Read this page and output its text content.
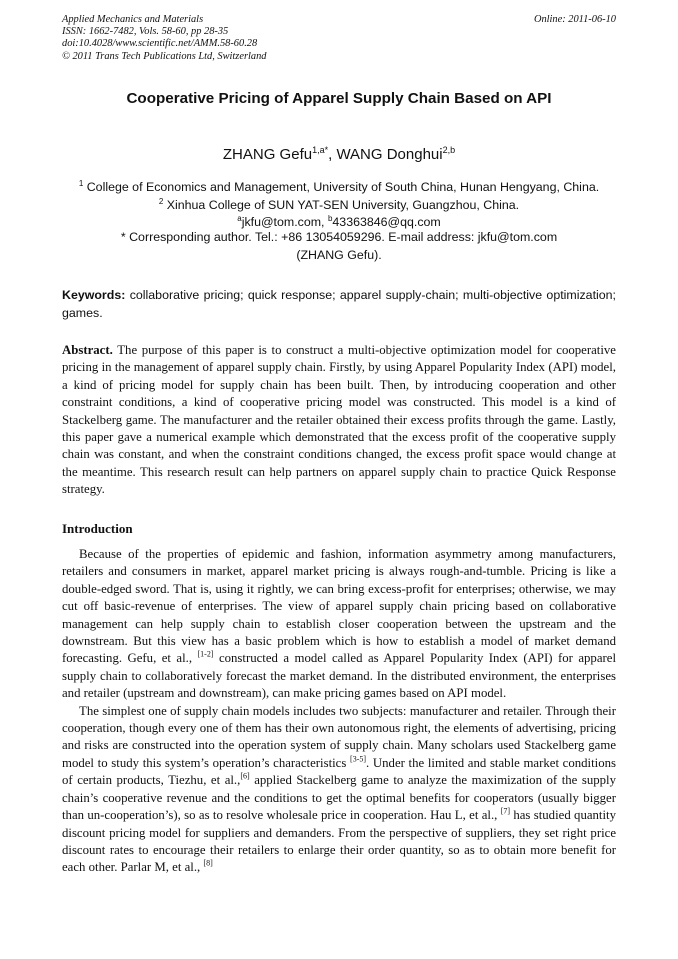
Applied Mechanics and Materials
ISSN: 1662-7482, Vols. 58-60, pp 28-35
doi:10.4028/www.scientific.net/AMM.58-60.28
© 2011 Trans Tech Publications Ltd, Switzerland
Online: 2011-06-10
Cooperative Pricing of Apparel Supply Chain Based on API
ZHANG Gefu$^{1,a*}$, WANG Donghui$^{2,b}$
$^1$ College of Economics and Management, University of South China, Hunan Hengyang, China.
$^2$ Xinhua College of SUN YAT-SEN University, Guangzhou, China.
$^a$jkfu@tom.com, $^b$43363846@qq.com
* Corresponding author. Tel.: +86 13054059296. E-mail address: jkfu@tom.com
(ZHANG Gefu).
Keywords: collaborative pricing; quick response; apparel supply-chain; multi-objective optimization; games.
Abstract. The purpose of this paper is to construct a multi-objective optimization model for cooperative pricing in the management of apparel supply chain. Firstly, by using Apparel Popularity Index (API) model, a kind of pricing model for supply chain has been built. Then, by introducing cooperation and other constraint conditions, a kind of cooperative pricing model was constructed. This model is a kind of Stackelberg game. The manufacturer and the retailer obtained their excess profits through the game. Lastly, this paper gave a numerical example which demonstrated that the excess profit of the cooperative supply chain was constant, and when the constraint conditions changed, the excess profit space would change at the meantime. This research result can help partners on apparel supply chain to practice Quick Response strategy.
Introduction

Because of the properties of epidemic and fashion, information asymmetry among manufacturers, retailers and consumers in market, apparel market pricing is always rough-and-tumble. Pricing is like a double-edged sword. That is, using it rightly, we can bring excess-profit for enterprises; otherwise, we may cut off basic-revenue of enterprises. The view of apparel supply chain pricing based on collaborative management can help supply chain to establish closer cooperation between the upstream and the downstream. But this view has a basic problem which is how to establish a model of market demand forecasting. Gefu, et al., [1-2] constructed a model called as Apparel Popularity Index (API) for apparel supply chain to collaboratively forecast the market demand. In the distributed environment, the enterprises and retailer (upstream and downstream), can make pricing games based on API model.

The simplest one of supply chain models includes two subjects: manufacturer and retailer. Through their cooperation, though every one of them has their own autonomous right, the elements of advertising, pricing and risks are constructed into the operation system of supply chain. Many scholars used Stackelberg game model to study this system’s operation’s characteristics [3-5]. Under the limited and stable market conditions of certain products, Tiezhu, et al.,[6] applied Stackelberg game to analyze the maximization of the supply chain’s cooperative revenue and the conditions to get the optimal benefits for cooperators (usually bigger than un-cooperation’s), so as to resolve wholesale price in cooperation. Hau L, et al., [7] has studied quantity discount pricing model for suppliers and demanders. From the perspective of suppliers, they set right price discount rates to encourage their retailers to enlarge their order quantity, so as to obtain more benefit for each other. Parlar M, et al., [8]
